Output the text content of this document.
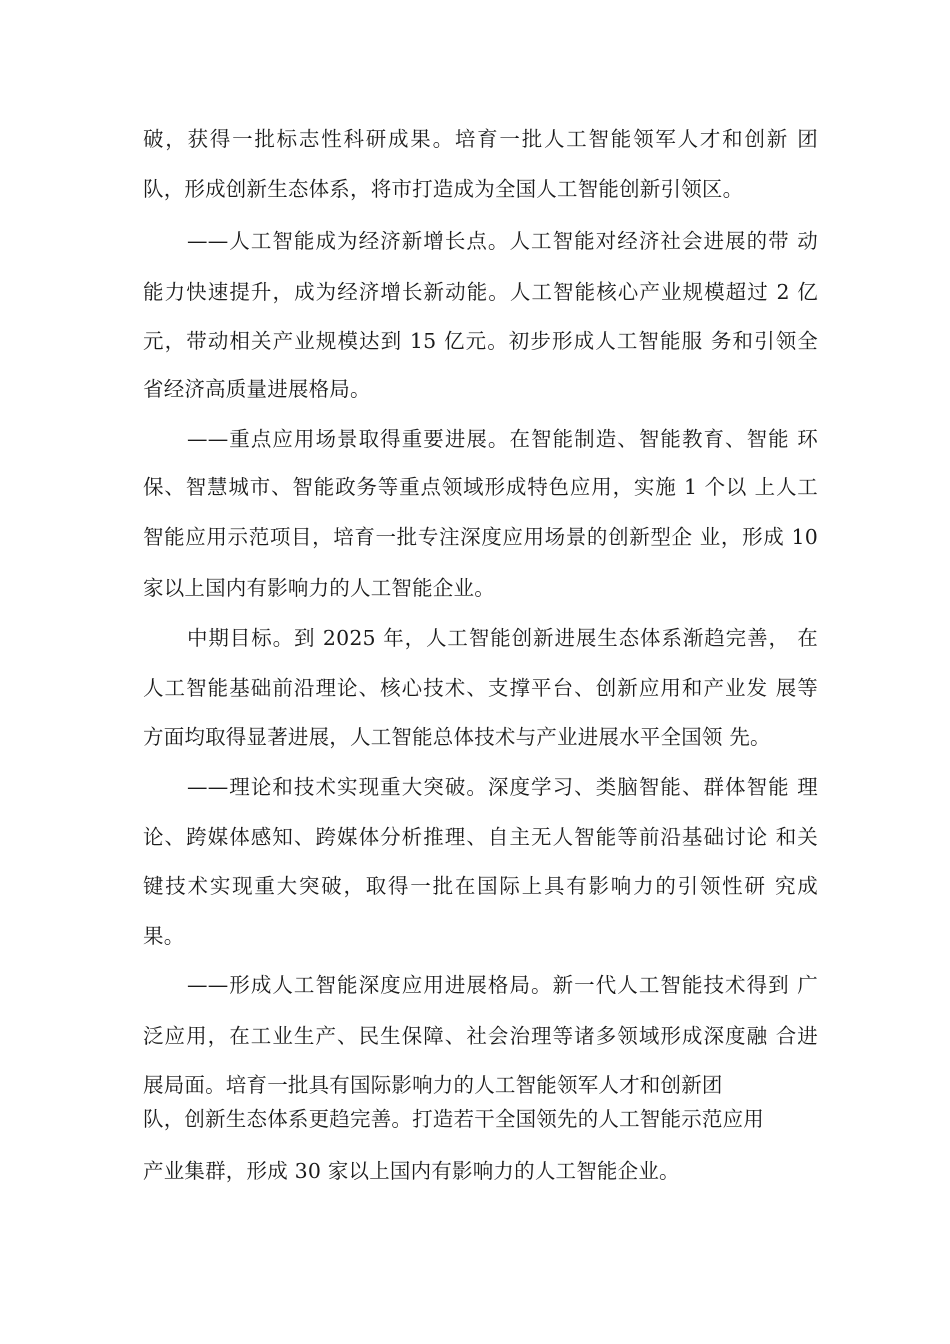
破，获得一批标志性科研成果。培育一批人工智能领军人才和创新 团
队，形成创新生态体系，将市打造成为全国人工智能创新引领区。
——人工智能成为经济新增长点。人工智能对经济社会进展的带 动
能力快速提升，成为经济增长新动能。人工智能核心产业规模超过 2 亿
元，带动相关产业规模达到 15 亿元。初步形成人工智能服 务和引领全
省经济高质量进展格局。
——重点应用场景取得重要进展。在智能制造、智能教育、智能 环
保、智慧城市、智能政务等重点领域形成特色应用，实施 1 个以 上人工
智能应用示范项目，培育一批专注深度应用场景的创新型企 业，形成 10
家以上国内有影响力的人工智能企业。
中期目标。到 2025 年，人工智能创新进展生态体系渐趋完善， 在
人工智能基础前沿理论、核心技术、支撑平台、创新应用和产业发 展等
方面均取得显著进展，人工智能总体技术与产业进展水平全国领 先。
——理论和技术实现重大突破。深度学习、类脑智能、群体智能 理
论、跨媒体感知、跨媒体分析推理、自主无人智能等前沿基础讨论 和关
键技术实现重大突破，取得一批在国际上具有影响力的引领性研 究成
果。
——形成人工智能深度应用进展格局。新一代人工智能技术得到 广
泛应用，在工业生产、民生保障、社会治理等诸多领域形成深度融 合进
展局面。培育一批具有国际影响力的人工智能领军人才和创新团
队，创新生态体系更趋完善。打造若干全国领先的人工智能示范应用
产业集群，形成 30 家以上国内有影响力的人工智能企业。
